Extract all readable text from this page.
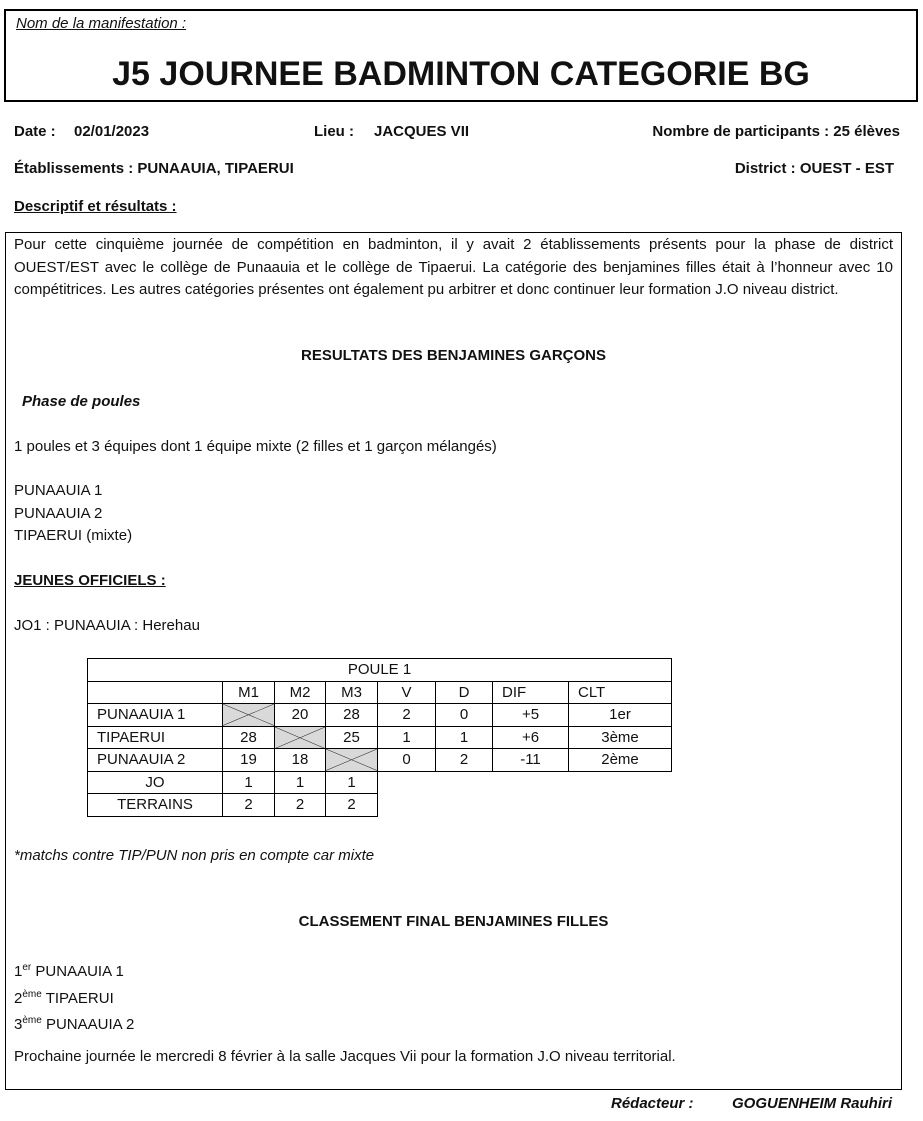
Nom de la manifestation :
J5 JOURNEE BADMINTON CATEGORIE BG
Date : 02/01/2023	Lieu : JACQUES VII	Nombre de participants : 25 élèves
Établissements : PUNAAUIA, TIPAERUI	District : OUEST - EST
Descriptif et résultats :
Pour cette cinquième journée de compétition en badminton, il y avait 2 établissements présents pour la phase de district OUEST/EST avec le collège de Punaauia et le collège de Tipaerui. La catégorie des benjamines filles était à l’honneur avec 10 compétitrices. Les autres catégories présentes ont également pu arbitrer et donc continuer leur formation J.O niveau district.
RESULTATS DES BENJAMINES GARÇONS
Phase de poules
1 poules et 3 équipes dont 1 équipe mixte (2 filles et 1 garçon mélangés)
PUNAAUIA 1
PUNAAUIA 2
TIPAERUI (mixte)
JEUNES OFFICIELS :
JO1 : PUNAAUIA : Herehau
POULE 1							
	M1	M2	M3	V	D	DIF	CLT
PUNAAUIA 1		20	28	2	0	+5	1er
TIPAERUI	28		25	1	1	+6	3ème
PUNAAUIA 2	19	18		0	2	-11	2ème
JO	1	1	1				
TERRAINS	2	2	2				
*matchs contre TIP/PUN non pris en compte car mixte
CLASSEMENT FINAL BENJAMINES FILLES
1er PUNAAUIA 1
2ème TIPAERUI
3ème PUNAAUIA 2
Prochaine journée le mercredi 8 février à la salle Jacques Vii pour la formation J.O niveau territorial.
Rédacteur :	GOGUENHEIM Rauhiri
